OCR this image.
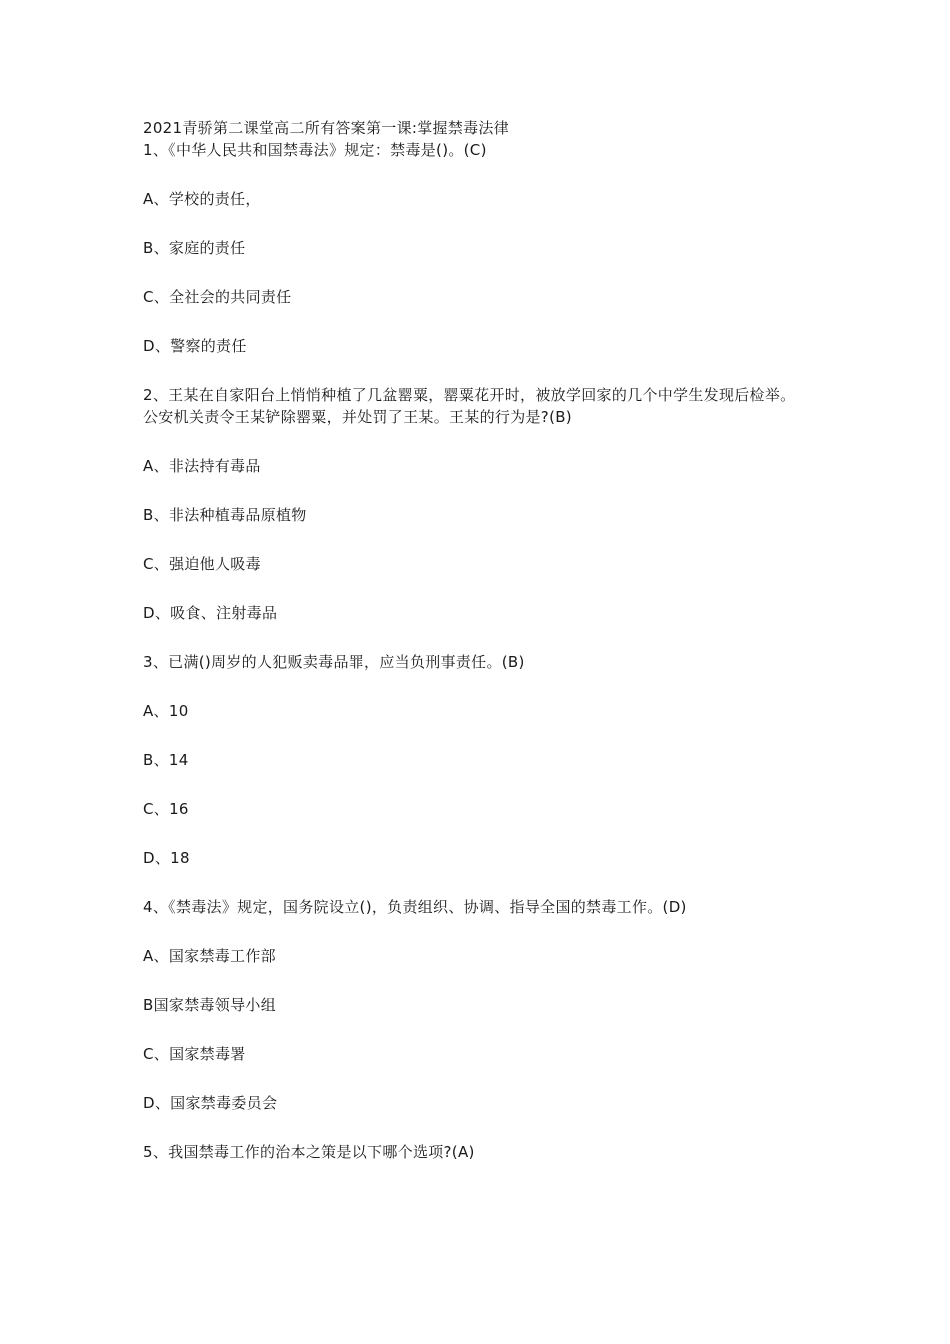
2021青骄第二课堂高二所有答案第一课:掌握禁毒法律

1、《中华人民共和国禁毒法》规定：禁毒是()。(C)

A、学校的责任，

B、家庭的责任

C、全社会的共同责任

D、警察的责任

2、王某在自家阳台上悄悄种植了几盆罂粟，罂粟花开时，被放学回家的几个中学生发现后检举。公安机关责令王某铲除罂粟，并处罚了王某。王某的行为是?(B)

A、非法持有毒品

B、非法种植毒品原植物

C、强迫他人吸毒

D、吸食、注射毒品

3、已满()周岁的人犯贩卖毒品罪，应当负刑事责任。(B)

A、10

B、14

C、16

D、18

4、《禁毒法》规定，国务院设立()，负责组织、协调、指导全国的禁毒工作。(D)

A、国家禁毒工作部

B国家禁毒领导小组

C、国家禁毒署

D、国家禁毒委员会

5、我国禁毒工作的治本之策是以下哪个选项?(A)
